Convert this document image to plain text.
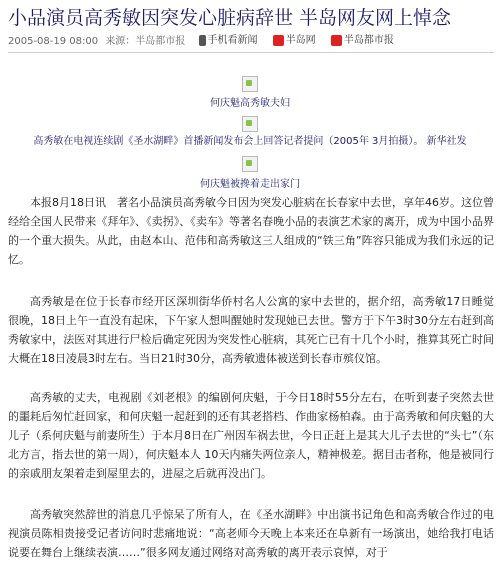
小品演员高秀敏因突发心脏病辞世 半岛网友网上悼念
2005-08-19 08:00 来源：半岛都市报 手机看新闻	半岛网	半岛都市报
何庆魁高秀敏夫妇
高秀敏在电视连续剧《圣水湖畔》首播新闻发布会上回答记者提问（2005年 3月拍摄）。 新华社发
何庆魁被搀着走出家门
本报8月18日讯　著名小品演员高秀敏今日因为突发心脏病在长春家中去世，享年46岁。这位曾经给全国人民带来《拜年》、《卖拐》、《卖车》等著名春晚小品的表演艺术家的离开，成为中国小品界的一个重大损失。从此，由赵本山、范伟和高秀敏这三人组成的“铁三角”阵容只能成为我们永远的记忆。
高秀敏是在位于长春市经开区深圳街华侨村名人公寓的家中去世的，据介绍，高秀敏17日睡觉很晚，18日上午一直没有起床，下午家人想叫醒她时发现她已去世。警方于下午3时30分左右赶到高秀敏家中，法医对其进行尸检后确定死因为突发性心脏病，其死亡已有十几个小时，推算其死亡时间大概在18日凌晨3时左右。当日21时30分，高秀敏遗体被送到长春市殡仪馆。
高秀敏的丈夫，电视剧《刘老根》的编剧何庆魁，于今日18时55分左右，在听到妻子突然去世的噩耗后匆忙赶回家，和何庆魁一起赶到的还有其老搭档、作曲家杨柏森。由于高秀敏和何庆魁的大儿子（系何庆魁与前妻所生）于本月8日在广州因车祸去世，今日正赶上是其大儿子去世的“头七”（东北方言，指去世的第一周），何庆魁本人 10天内痛失两位亲人，精神极差。据目击者称，他是被同行的亲戚朋友架着走到屋里去的，进屋之后就再没出门。
高秀敏突然辞世的消息几乎惊呆了所有人，在《圣水湖畔》中出演书记角色和高秀敏合作过的电视演员陈相贵接受记者访问时悲痛地说：“高老师今天晚上本来还在阜新有一场演出，她给我打电话说要在舞台上继续表演……”很多网友通过网络对高秀敏的离开表示哀悼，对于
